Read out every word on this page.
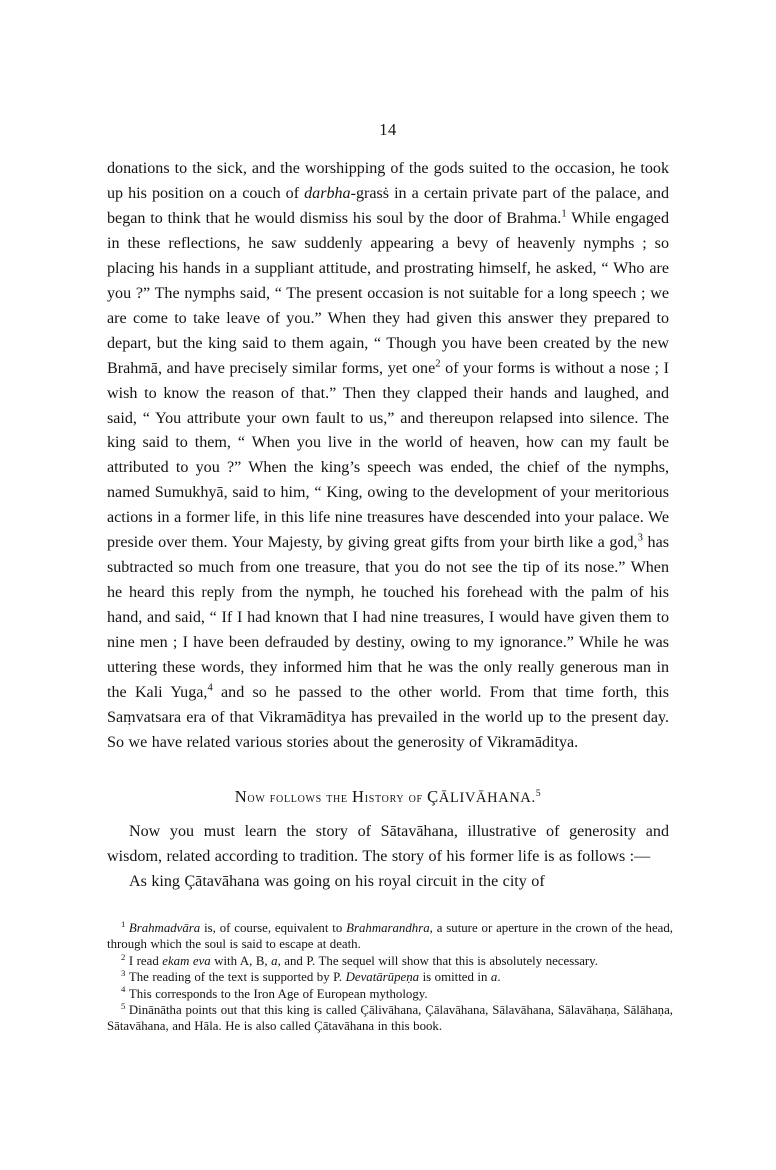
14

donations to the sick, and the worshipping of the gods suited to the occasion, he took up his position on a couch of darbha-grasṡ in a certain private part of the palace, and began to think that he would dismiss his soul by the door of Brahma.$^1$ While engaged in these reflections, he saw suddenly appearing a bevy of heavenly nymphs ; so placing his hands in a suppliant attitude, and prostrating himself, he asked, “ Who are you ?” The nymphs said, “ The present occasion is not suitable for a long speech ; we are come to take leave of you.” When they had given this answer they prepared to depart, but the king said to them again, “ Though you have been created by the new Brahmā, and have precisely similar forms, yet one$^2$ of your forms is without a nose ; I wish to know the reason of that.” Then they clapped their hands and laughed, and said, “ You attribute your own fault to us,” and thereupon relapsed into silence. The king said to them, “ When you live in the world of heaven, how can my fault be attributed to you ?” When the king’s speech was ended, the chief of the nymphs, named Sumukhyā, said to him, “ King, owing to the development of your meritorious actions in a former life, in this life nine treasures have descended into your palace. We preside over them. Your Majesty, by giving great gifts from your birth like a god,$^3$ has subtracted so much from one treasure, that you do not see the tip of its nose.” When he heard this reply from the nymph, he touched his forehead with the palm of his hand, and said, “ If I had known that I had nine treasures, I would have given them to nine men ; I have been defrauded by destiny, owing to my ignorance.” While he was uttering these words, they informed him that he was the only really generous man in the Kali Yuga,$^4$ and so he passed to the other world. From that time forth, this Saṃvatsara era of that Vikramāditya has prevailed in the world up to the present day. So we have related various stories about the generosity of Vikramāditya.

Now follows the History of ÇĀLIVĀHANA.$^5$

Now you must learn the story of Sātavāhana, illustrative of generosity and wisdom, related according to tradition. The story of his former life is as follows :—

As king Çātavāhana was going on his royal circuit in the city of

$^1$ Brahmadvāra is, of course, equivalent to Brahmarandhra, a suture or aperture in the crown of the head, through which the soul is said to escape at death.

$^2$ I read ekam eva with A, B, a, and P. The sequel will show that this is absolutely necessary.

$^3$ The reading of the text is supported by P. Devatārūpeṇa is omitted in a.

$^4$ This corresponds to the Iron Age of European mythology.

$^5$ Dinānātha points out that this king is called Çālivāhana, Çālavāhana, Sālavāhana, Sālavāhaṇa, Sālāhaṇa, Sātavāhana, and Hāla. He is also called Çātavāhana in this book.
